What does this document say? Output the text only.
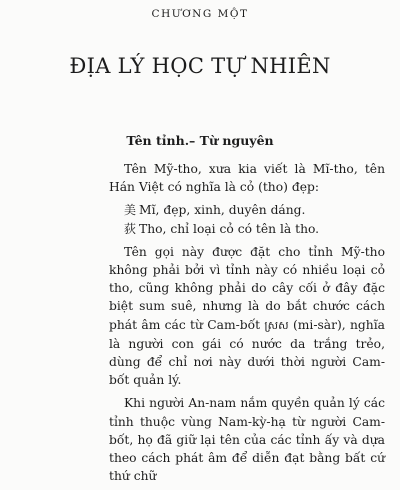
CHƯƠNG MỘT
ĐỊA LÝ HỌC TỰ NHIÊN
Tên tỉnh.– Từ nguyên

Tên Mỹ-tho, xưa kia viết là Mĩ-tho, tên Hán Việt có nghĩa là cỏ (tho) đẹp:

美 Mĩ, đẹp, xinh, duyên dáng.

荻 Tho, chỉ loại cỏ có tên là tho.

Tên gọi này được đặt cho tỉnh Mỹ-tho không phải bởi vì tỉnh này có nhiều loại cỏ tho, cũng không phải do cây cối ở đây đặc biệt sum suê, nhưng là do bắt chước cách phát âm các từ Cam-bốt ស្រស (mi-sàr), nghĩa là người con gái có nước da trắng trẻo, dùng để chỉ nơi này dưới thời người Cam-bốt quản lý.

Khi người An-nam nắm quyền quản lý các tỉnh thuộc vùng Nam-kỳ-hạ từ người Cam-bốt, họ đã giữ lại tên của các tỉnh ấy và dựa theo cách phát âm để diễn đạt bằng bất cứ thứ chữ
